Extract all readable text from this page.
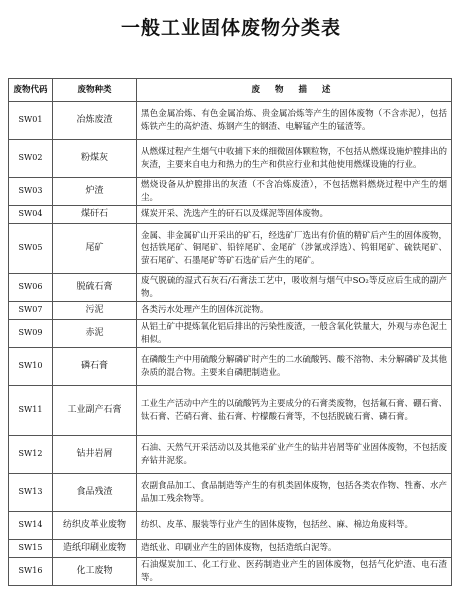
一般工业固体废物分类表
废物代码	废物种类	废 物 描 述
SW01	冶炼废渣	黑色金属冶炼、有色金属冶炼、贵金属冶炼等产生的固体废物（不含赤泥），包括炼铁产生的高炉渣、炼钢产生的钢渣、电解锰产生的锰渣等。
SW02	粉煤灰	从燃煤过程产生烟气中收捕下来的细微固体颗粒物，不包括从燃煤设施炉膛排出的灰渣，主要来自电力和热力的生产和供应行业和其他使用燃煤设施的行业。
SW03	炉渣	燃烧设备从炉膛排出的灰渣（不含冶炼废渣），不包括燃料燃烧过程中产生的烟尘。
SW04	煤矸石	煤炭开采、洗选产生的矸石以及煤泥等固体废物。
SW05	尾矿	金属、非金属矿山开采出的矿石，经选矿厂选出有价值的精矿后产生的固体废物，包括铁尾矿、铜尾矿、铅锌尾矿、金尾矿（涉氰或浮选）、钨钼尾矿、硫铁尾矿、萤石尾矿、石墨尾矿等矿石选矿后产生的尾矿。
SW06	脱硫石膏	废气脱硫的湿式石灰石/石膏法工艺中，吸收剂与烟气中SO₂等反应后生成的副产物。
SW07	污泥	各类污水处理产生的固体沉淀物。
SW09	赤泥	从铝土矿中提炼氧化铝后排出的污染性废渣，一般含氧化铁量大，外观与赤色泥土相似。
SW10	磷石膏	在磷酸生产中用硫酸分解磷矿时产生的二水硫酸钙、酸不溶物、未分解磷矿及其他杂质的混合物。主要来自磷肥制造业。
SW11	工业副产石膏	工业生产活动中产生的以硫酸钙为主要成分的石膏类废物，包括氟石膏、硼石膏、钛石膏、芒硝石膏、盐石膏、柠檬酸石膏等，不包括脱硫石膏、磷石膏。
SW12	钻井岩屑	石油、天然气开采活动以及其他采矿业产生的钻井岩屑等矿业固体废物，不包括废弃钻井泥浆。
SW13	食品残渣	农副食品加工、食品制造等产生的有机类固体废物，包括各类农作物、牲畜、水产品加工残余物等。
SW14	纺织皮革业废物	纺织、皮革、服装等行业产生的固体废物，包括丝、麻、棉边角废料等。
SW15	造纸印刷业废物	造纸业、印刷业产生的固体废物，包括造纸白泥等。
SW16	化工废物	石油煤炭加工、化工行业、医药制造业产生的固体废物，包括气化炉渣、电石渣等。
